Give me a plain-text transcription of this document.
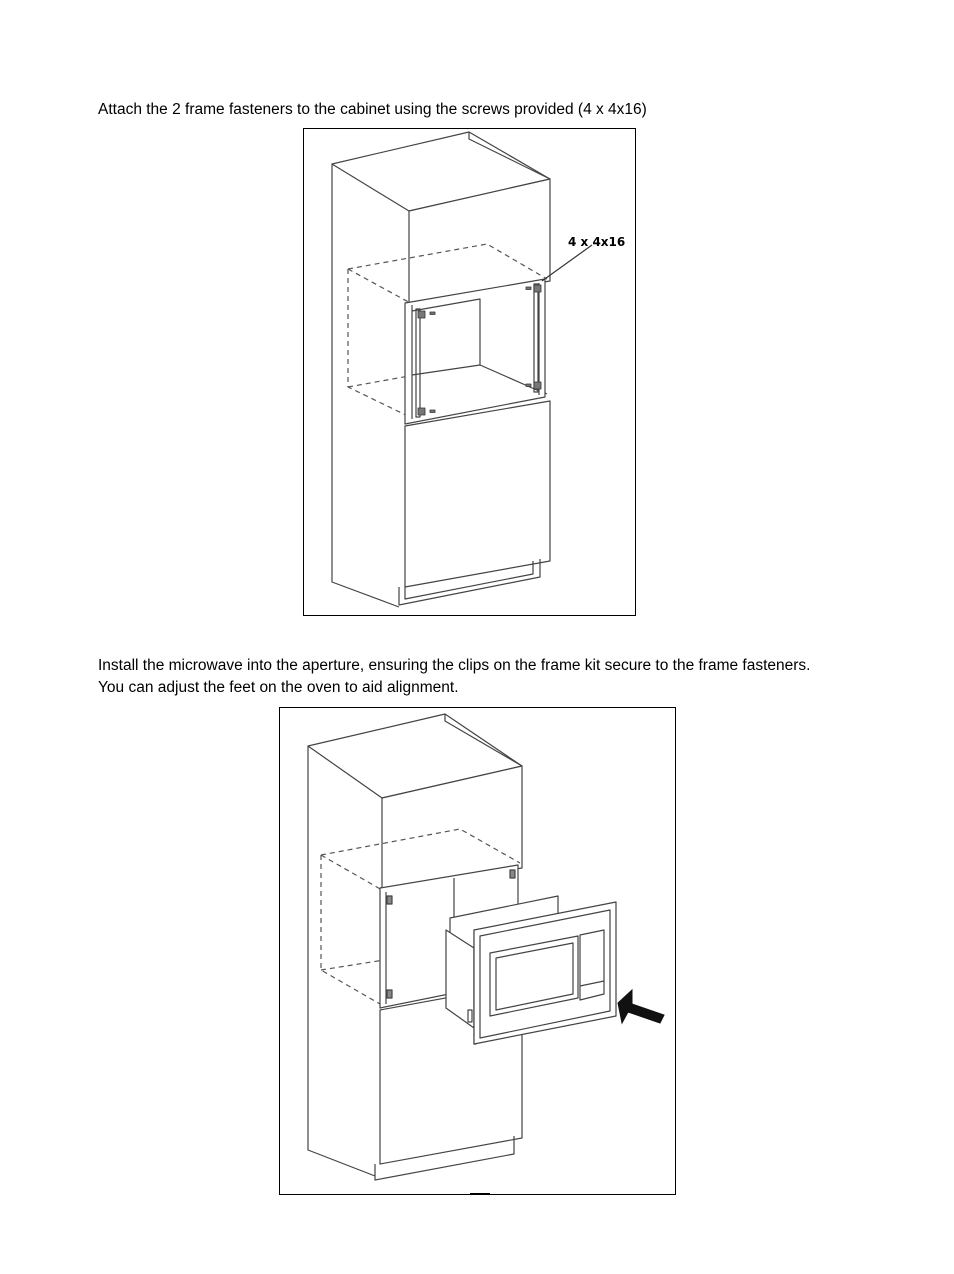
Attach the 2 frame fasteners to the cabinet using the screws provided (4 x 4x16)

4 x 4x16

Install the microwave into the aperture, ensuring the clips on the frame kit secure to the frame fasteners.
You can adjust the feet on the oven to aid alignment.
